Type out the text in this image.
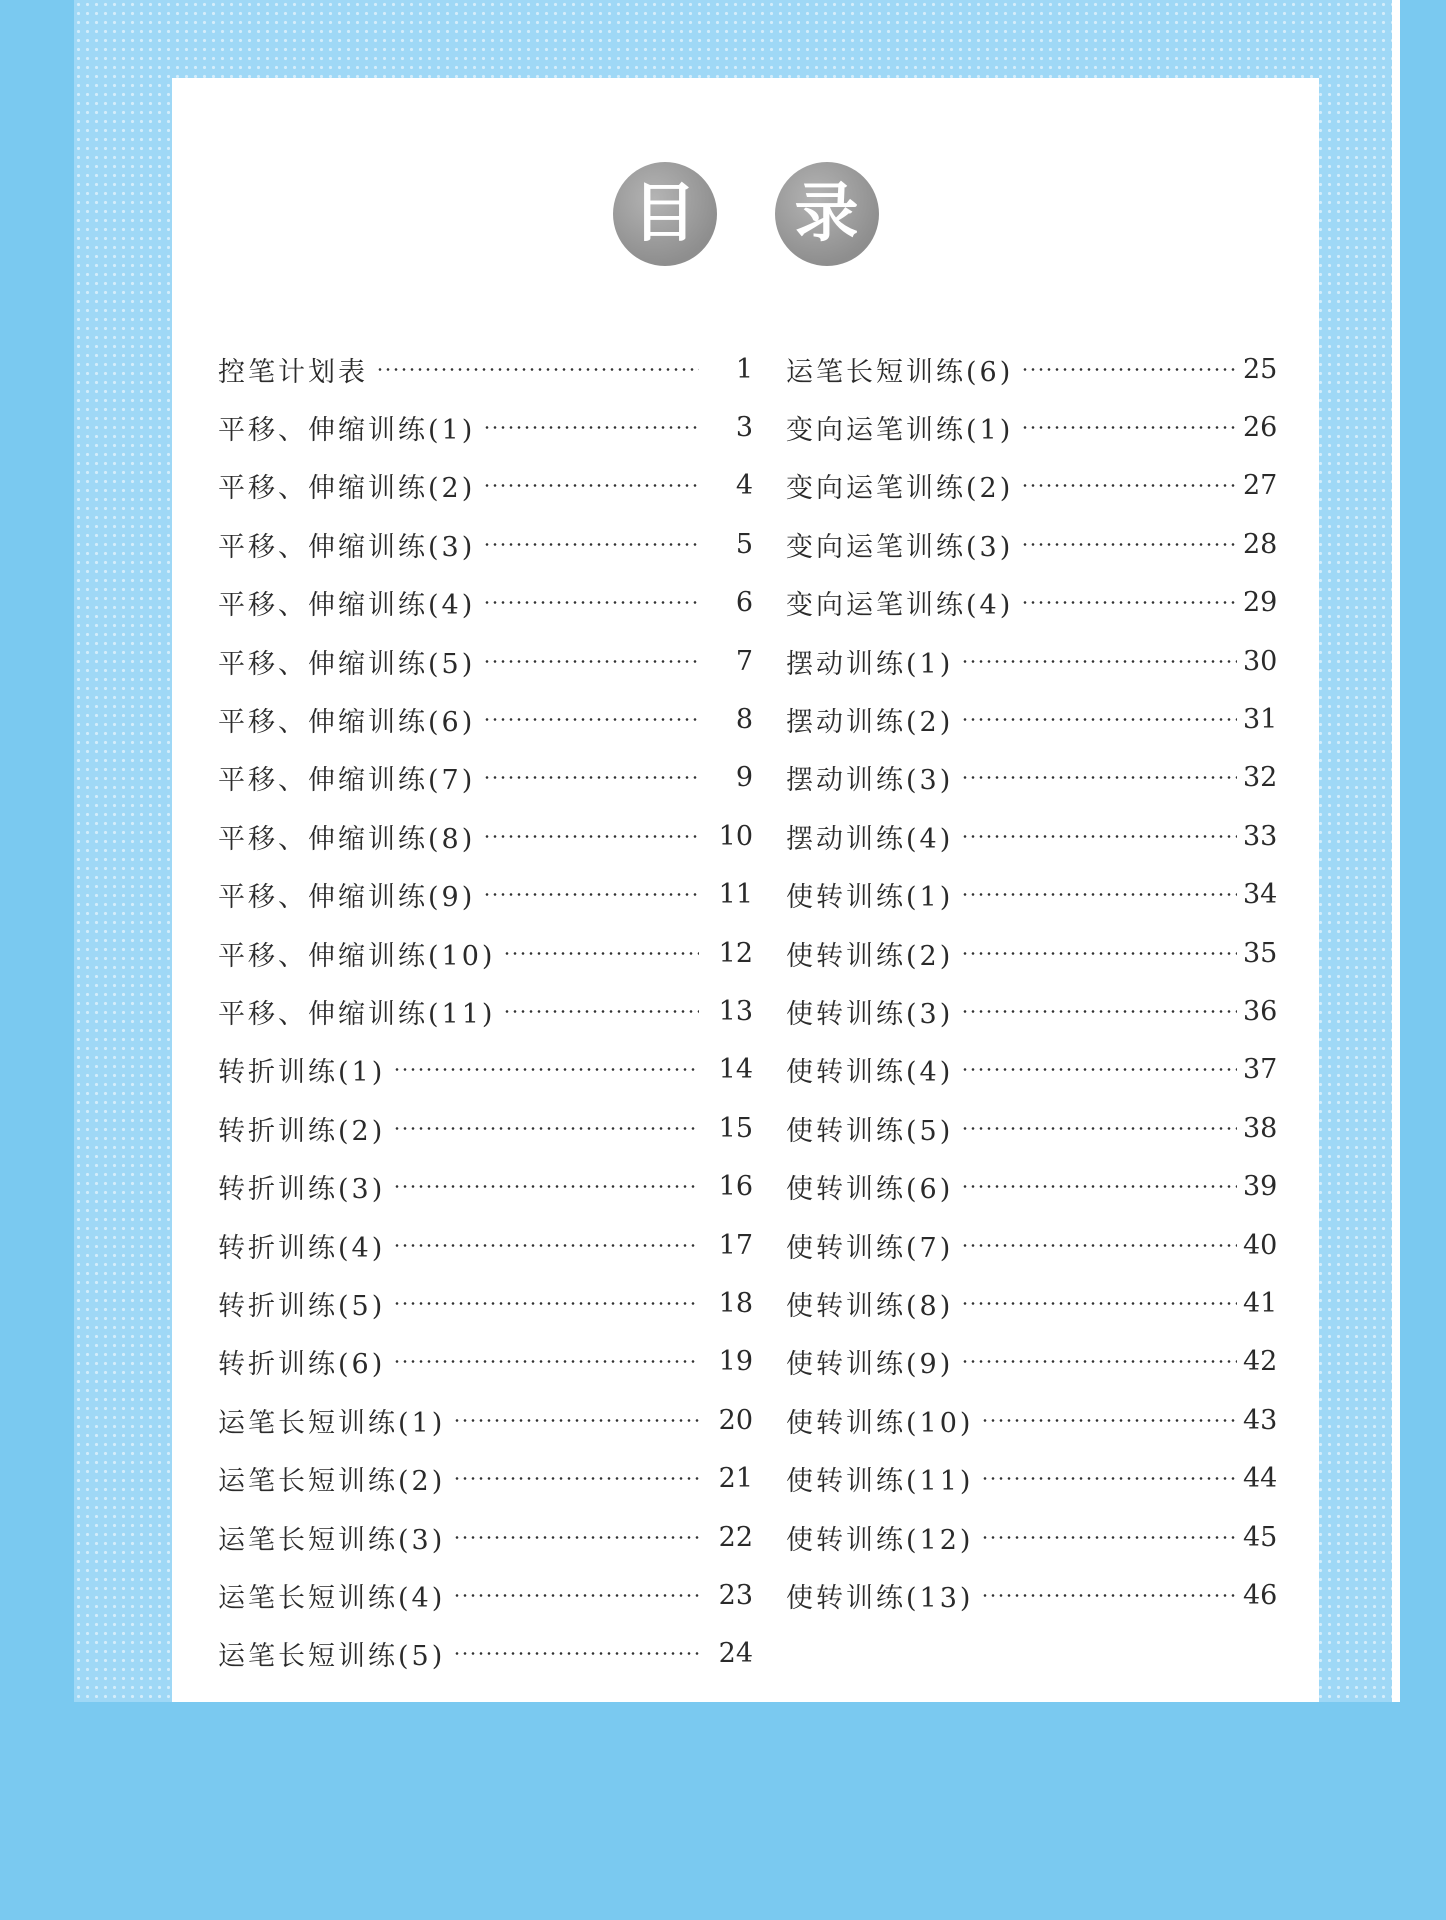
目	录
控笔计划表	1
平移、伸缩训练(1)	3
平移、伸缩训练(2)	4
平移、伸缩训练(3)	5
平移、伸缩训练(4)	6
平移、伸缩训练(5)	7
平移、伸缩训练(6)	8
平移、伸缩训练(7)	9
平移、伸缩训练(8)	10
平移、伸缩训练(9)	11
平移、伸缩训练(10)	12
平移、伸缩训练(11)	13
转折训练(1)	14
转折训练(2)	15
转折训练(3)	16
转折训练(4)	17
转折训练(5)	18
转折训练(6)	19
运笔长短训练(1)	20
运笔长短训练(2)	21
运笔长短训练(3)	22
运笔长短训练(4)	23
运笔长短训练(5)	24
运笔长短训练(6)	25
变向运笔训练(1)	26
变向运笔训练(2)	27
变向运笔训练(3)	28
变向运笔训练(4)	29
摆动训练(1)	30
摆动训练(2)	31
摆动训练(3)	32
摆动训练(4)	33
使转训练(1)	34
使转训练(2)	35
使转训练(3)	36
使转训练(4)	37
使转训练(5)	38
使转训练(6)	39
使转训练(7)	40
使转训练(8)	41
使转训练(9)	42
使转训练(10)	43
使转训练(11)	44
使转训练(12)	45
使转训练(13)	46
